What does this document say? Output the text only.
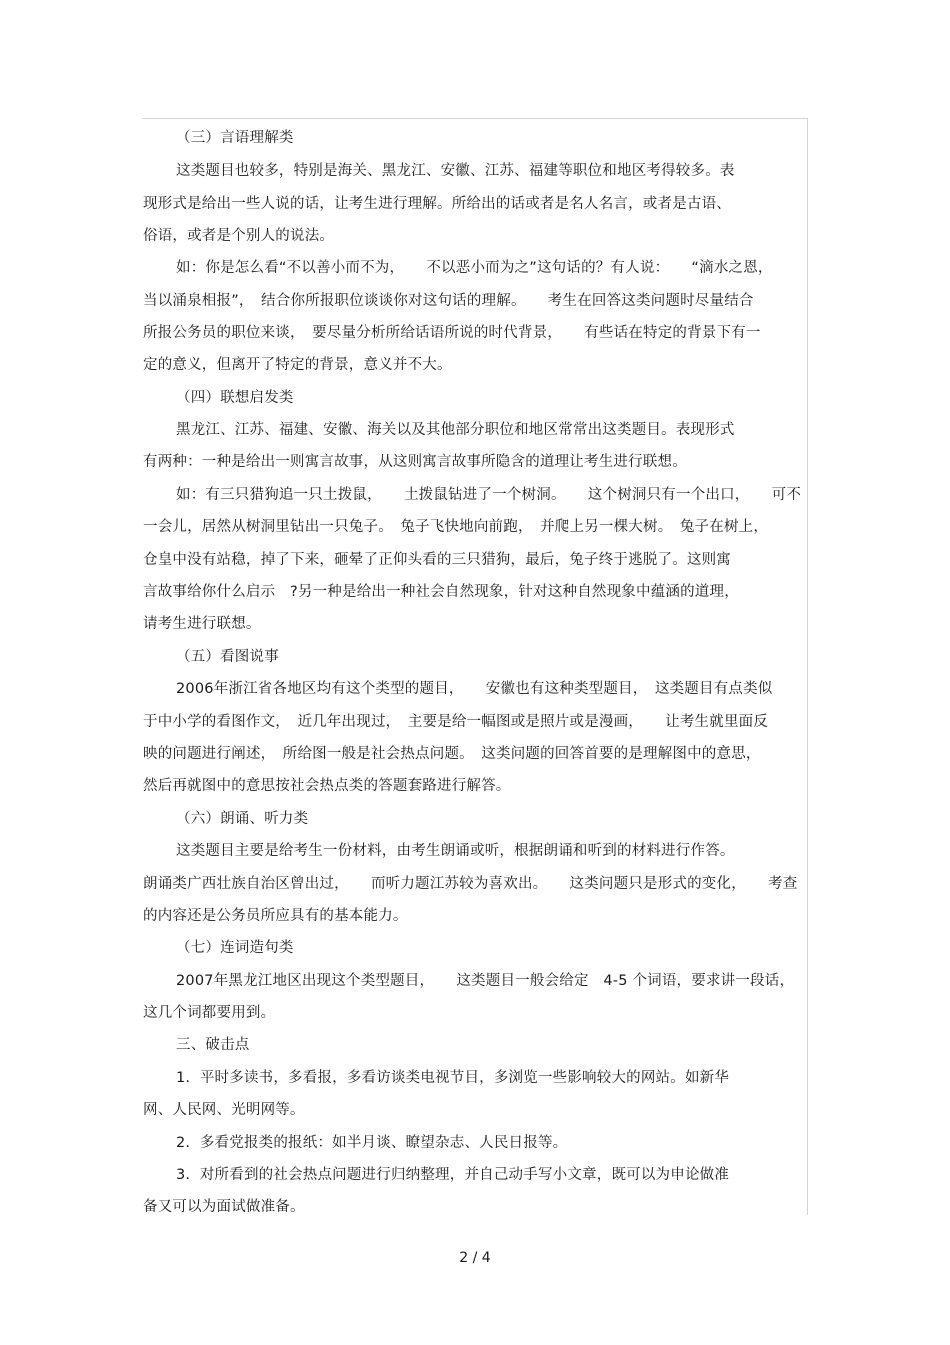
（三）言语理解类
这类题目也较多，特别是海关、黑龙江、安徽、江苏、福建等职位和地区考得较多。表
现形式是给出一些人说的话，让考生进行理解。所给出的话或者是名人名言，或者是古语、
俗语，或者是个别人的说法。
如：你是怎么看“不以善小而不为，　　不以恶小而为之”这句话的？有人说：　　“滴水之恩，
当以涌泉相报”，　结合你所报职位谈谈你对这句话的理解。　　考生在回答这类问题时尽量结合
所报公务员的职位来谈，　要尽量分析所给话语所说的时代背景，　　有些话在特定的背景下有一
定的意义，但离开了特定的背景，意义并不大。
（四）联想启发类
黑龙江、江苏、福建、安徽、海关以及其他部分职位和地区常常出这类题目。表现形式
有两种：一种是给出一则寓言故事，从这则寓言故事所隐含的道理让考生进行联想。
如：有三只猎狗追一只土拨鼠，　　土拨鼠钻进了一个树洞。　　这个树洞只有一个出口，　　可不
一会儿，居然从树洞里钻出一只兔子。　兔子飞快地向前跑，　并爬上另一棵大树。　兔子在树上，
仓皇中没有站稳，掉了下来，砸晕了正仰头看的三只猎狗，最后，兔子终于逃脱了。这则寓
言故事给你什么启示　?另一种是给出一种社会自然现象，针对这种自然现象中蕴涵的道理，
请考生进行联想。
（五）看图说事
2006年浙江省各地区均有这个类型的题目，　　安徽也有这种类型题目，　这类题目有点类似
于中小学的看图作文，　近几年出现过，　主要是给一幅图或是照片或是漫画，　　让考生就里面反
映的问题进行阐述，　所给图一般是社会热点问题。　这类问题的回答首要的是理解图中的意思，
然后再就图中的意思按社会热点类的答题套路进行解答。
（六）朗诵、听力类
这类题目主要是给考生一份材料，由考生朗诵或听，根据朗诵和听到的材料进行作答。
朗诵类广西壮族自治区曾出过，　　而听力题江苏较为喜欢出。　　这类问题只是形式的变化，　　考查
的内容还是公务员所应具有的基本能力。
（七）连词造句类
2007年黑龙江地区出现这个类型题目，　　这类题目一般会给定　4-5 个词语，要求讲一段话，
这几个词都要用到。
三、破击点
1.  平时多读书，多看报，多看访谈类电视节目，多浏览一些影响较大的网站。如新华
网、人民网、光明网等。
2.  多看党报类的报纸：如半月谈、瞭望杂志、人民日报等。
3.  对所看到的社会热点问题进行归纳整理，并自己动手写小文章，既可以为申论做准
备又可以为面试做准备。
2 / 4
